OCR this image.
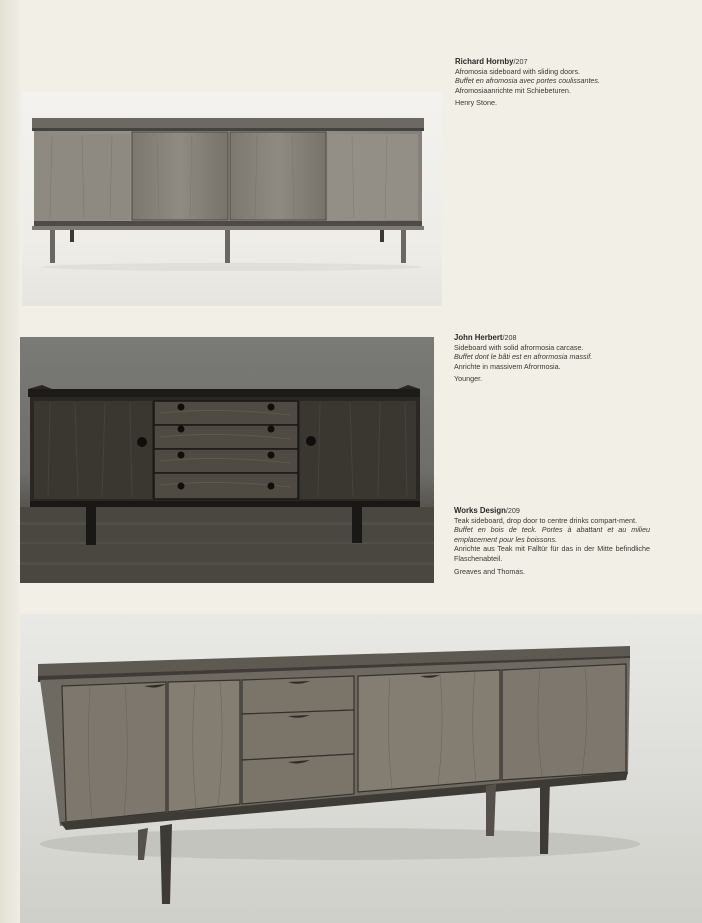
Richard Hornby/207

Afromosia sideboard with sliding doors.

Buffet en afromosia avec portes coulissantes.

Afromosiaanrichte mit Schiebeturen.

Henry Stone.

John Herbert/208

Sideboard with solid afrormosia carcase.

Buffet dont le bâti est en afrormosia massif.

Anrichte in massivem Afrormosia.

Younger.

Works Design/209

Teak sideboard, drop door to centre drinks compart-ment.

Buffet en bois de teck. Portes à abattant et au milieu emplacement pour les boissons.

Anrichte aus Teak mit Falltür für das in der Mitte befindliche Flaschenabteil.

Greaves and Thomas.
